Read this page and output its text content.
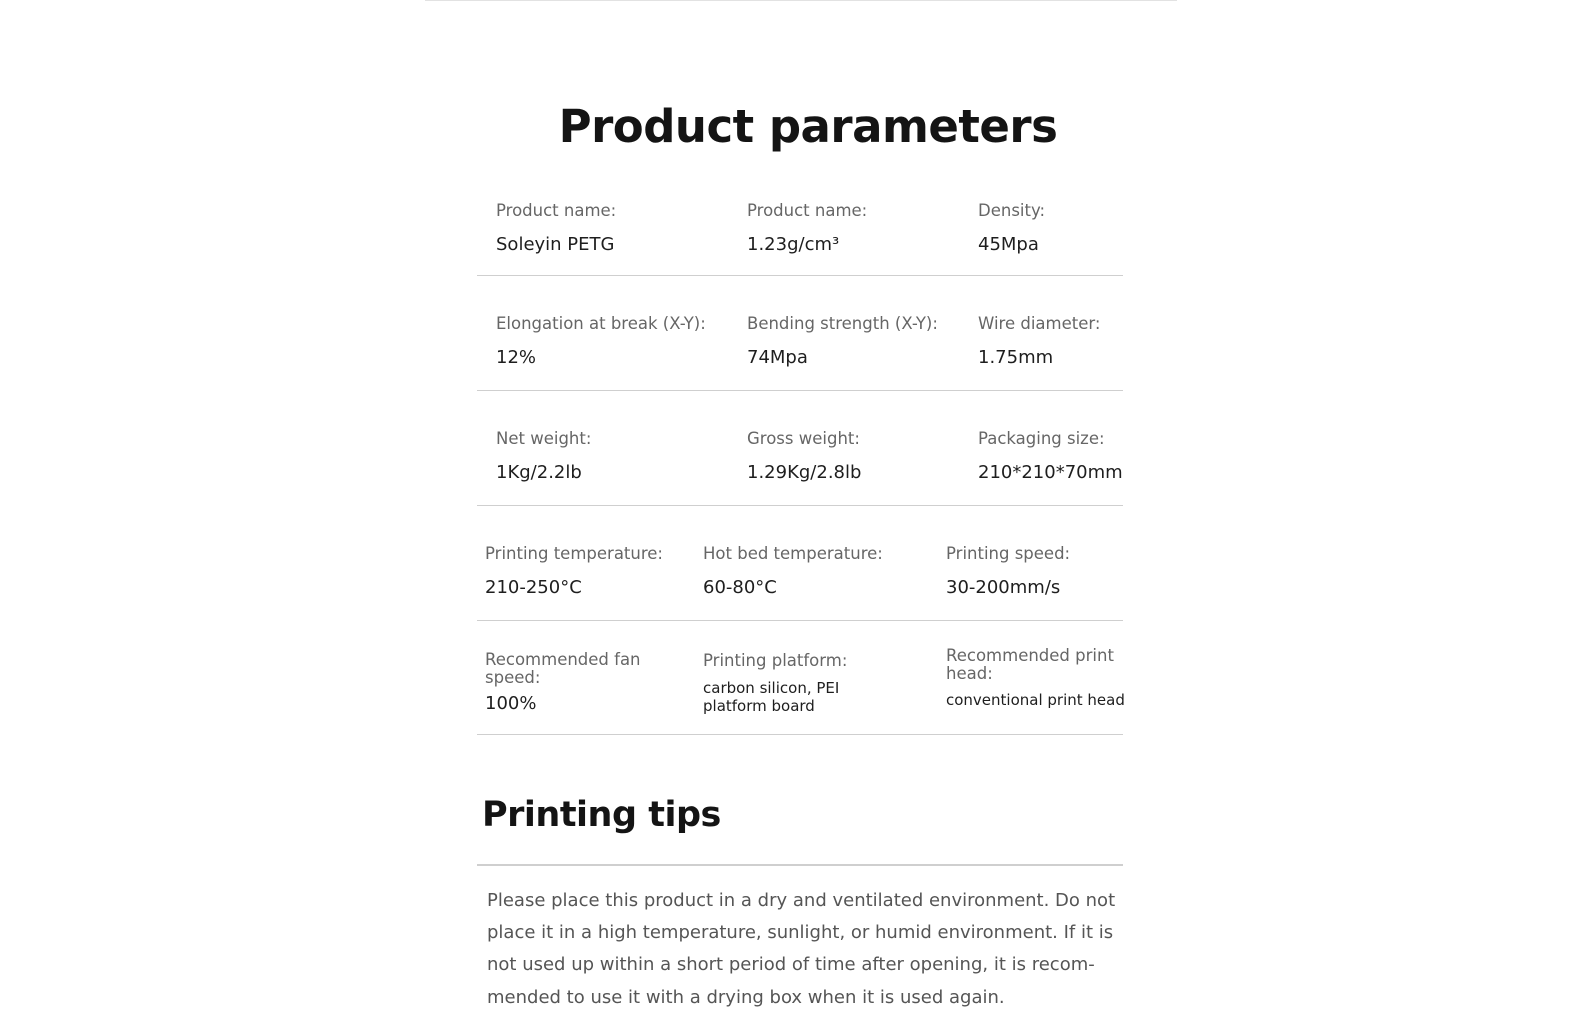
Product parameters
Product name:
Soleyin PETG
Product name:
1.23g/cm³
Density:
45Mpa
Elongation at break (X-Y):
12%
Bending strength (X-Y):
74Mpa
Wire diameter:
1.75mm
Net weight:
1Kg/2.2lb
Gross weight:
1.29Kg/2.8lb
Packaging size:
210*210*70mm
Printing temperature:
210-250°C
Hot bed temperature:
60-80°C
Printing speed:
30-200mm/s
Recommended fan speed:
100%
Printing platform:
carbon silicon, PEI platform board
Recommended print head:
conventional print head
Printing tips

Please place this product in a dry and ventilated environment. Do not place it in a high temperature, sunlight, or humid environment. If it is not used up within a short period of time after opening, it is recom-mended to use it with a drying box when it is used again.
